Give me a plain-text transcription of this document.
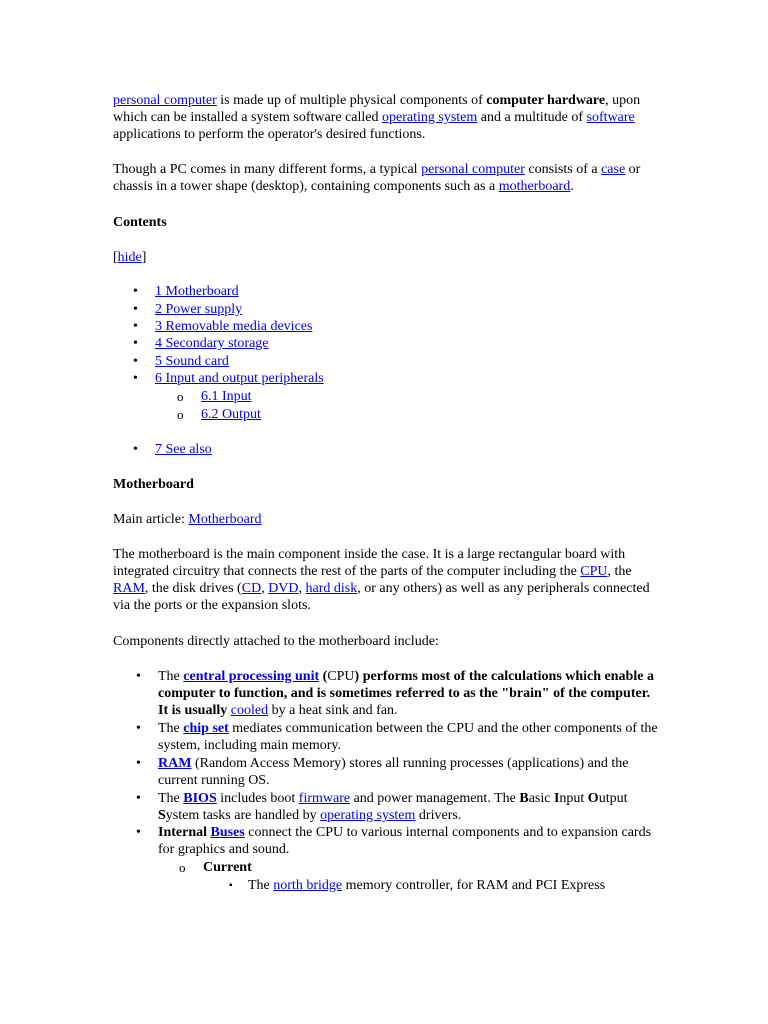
personal computer is made up of multiple physical components of computer hardware, upon which can be installed a system software called operating system and a multitude of software applications to perform the operator's desired functions.

Though a PC comes in many different forms, a typical personal computer consists of a case or chassis in a tower shape (desktop), containing components such as a motherboard.

Contents
[hide]
• 1 Motherboard
• 2 Power supply
• 3 Removable media devices
• 4 Secondary storage
• 5 Sound card
• 6 Input and output peripherals
o 6.1 Input
o 6.2 Output
• 7 See also
Motherboard
Main article: Motherboard

The motherboard is the main component inside the case. It is a large rectangular board with integrated circuitry that connects the rest of the parts of the computer including the CPU, the RAM, the disk drives (CD, DVD, hard disk, or any others) as well as any peripherals connected via the ports or the expansion slots.

Components directly attached to the motherboard include:
• The central processing unit (CPU) performs most of the calculations which enable a computer to function, and is sometimes referred to as the "brain" of the computer. It is usually cooled by a heat sink and fan.
• The chip set mediates communication between the CPU and the other components of the system, including main memory.
• RAM (Random Access Memory) stores all running processes (applications) and the current running OS.
• The BIOS includes boot firmware and power management. The Basic Input Output System tasks are handled by operating system drivers.
• Internal Buses connect the CPU to various internal components and to expansion cards for graphics and sound.
o Current
▪ The north bridge memory controller, for RAM and PCI Express
